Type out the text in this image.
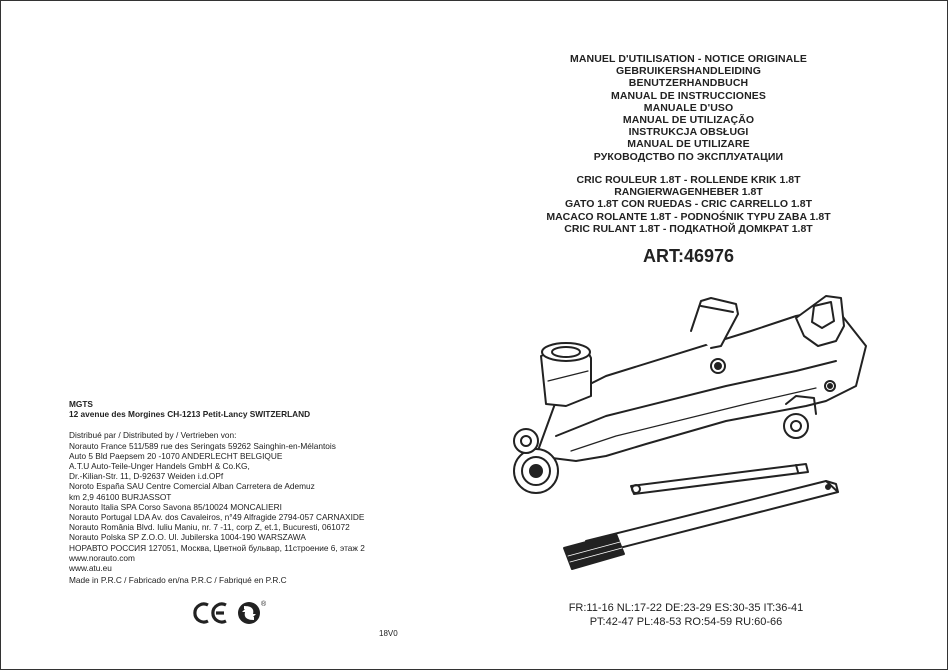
MANUEL D'UTILISATION - NOTICE ORIGINALE
GEBRUIKERSHANDLEIDING
BENUTZERHANDBUCH
MANUAL DE INSTRUCCIONES
MANUALE D'USO
MANUAL DE UTILIZAÇÃO
INSTRUKCJA OBSŁUGI
MANUAL DE UTILIZARE
РУКОВОДСТВО ПО ЭКСПЛУАТАЦИИ
CRIC ROULEUR 1.8T - ROLLENDE KRIK 1.8T
RANGIERWAGENHEBER 1.8T
GATO 1.8T CON RUEDAS - CRIC CARRELLO 1.8T
MACACO ROLANTE 1.8T - PODNOŚNIK TYPU ZABA 1.8T
CRIC RULANT 1.8T - ПОДКАТНОЙ ДОМКРАТ 1.8T
ART:46976
FR:11-16 NL:17-22 DE:23-29 ES:30-35 IT:36-41
PT:42-47 PL:48-53 RO:54-59 RU:60-66
MGTS
12 avenue des Morgines CH-1213 Petit-Lancy SWITZERLAND
Distribué par / Distributed by / Vertrieben von:
Norauto France 511/589 rue des Seringats 59262 Sainghin-en-Mélantois
Auto 5 Bld Paepsem 20 -1070 ANDERLECHT BELGIQUE
A.T.U Auto-Teile-Unger Handels GmbH & Co.KG,
Dr.-Kilian-Str. 11, D-92637 Weiden i.d.OPf
Noroto España SAU Centre Comercial Alban Carretera de Ademuz
km 2,9 46100 BURJASSOT
Norauto Italia SPA Corso Savona 85/10024 MONCALIERI
Norauto Portugal LDA Av. dos Cavaleiros, n°49 Alfragide 2794-057 CARNAXIDE
Norauto România Blvd. Iuliu Maniu, nr. 7 -11, corp Z, et.1, Bucuresti, 061072
Norauto Polska SP Z.O.O. Ul. Jubilerska 1004-190 WARSZAWA
НОРАВТО РОССИЯ 127051, Москва, Цветной бульвар, 11строение 6, этаж 2
www.norauto.com
www.atu.eu
Made in P.R.C / Fabricado en/na P.R.C / Fabriqué en P.R.C
®
18V0
